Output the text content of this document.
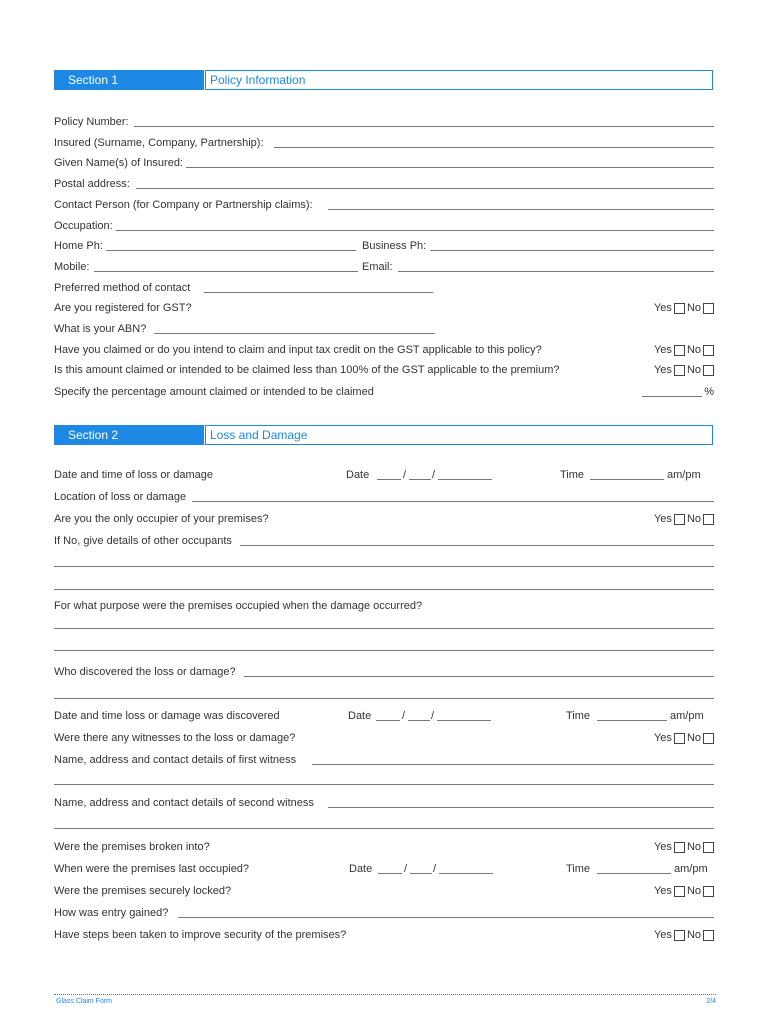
Section 1	Policy Information
Policy Number:
Insured (Surname, Company, Partnership):
Given Name(s) of Insured:
Postal address:
Contact Person (for Company or Partnership claims):
Occupation:
Home Ph:	Business Ph:
Mobile:	Email:
Preferred method of contact
Are you registered for GST?	Yes No
What is your ABN?
Have you claimed or do you intend to claim and input tax credit on the GST applicable to this policy?	Yes No
Is this amount claimed or intended to be claimed less than 100% of the GST applicable to the premium?	Yes No
Specify the percentage amount claimed or intended to be claimed	%
Section 2	Loss and Damage
Date and time of loss or damage	Date	/ /	Time	am/pm
Location of loss or damage
Are you the only occupier of your premises?	Yes No
If No, give details of other occupants
For what purpose were the premises occupied when the damage occurred?
Who discovered the loss or damage?
Date and time loss or damage was discovered	Date	/ /	Time	am/pm
Were there any witnesses to the loss or damage?	Yes No
Name, address and contact details of first witness
Name, address and contact details of second witness
Were the premises broken into?	Yes No
When were the premises last occupied?	Date	/ /	Time	am/pm
Were the premises securely locked?	Yes No
How was entry gained?
Have steps been taken to improve security of the premises?	Yes No
Glass Claim Form	2/4
